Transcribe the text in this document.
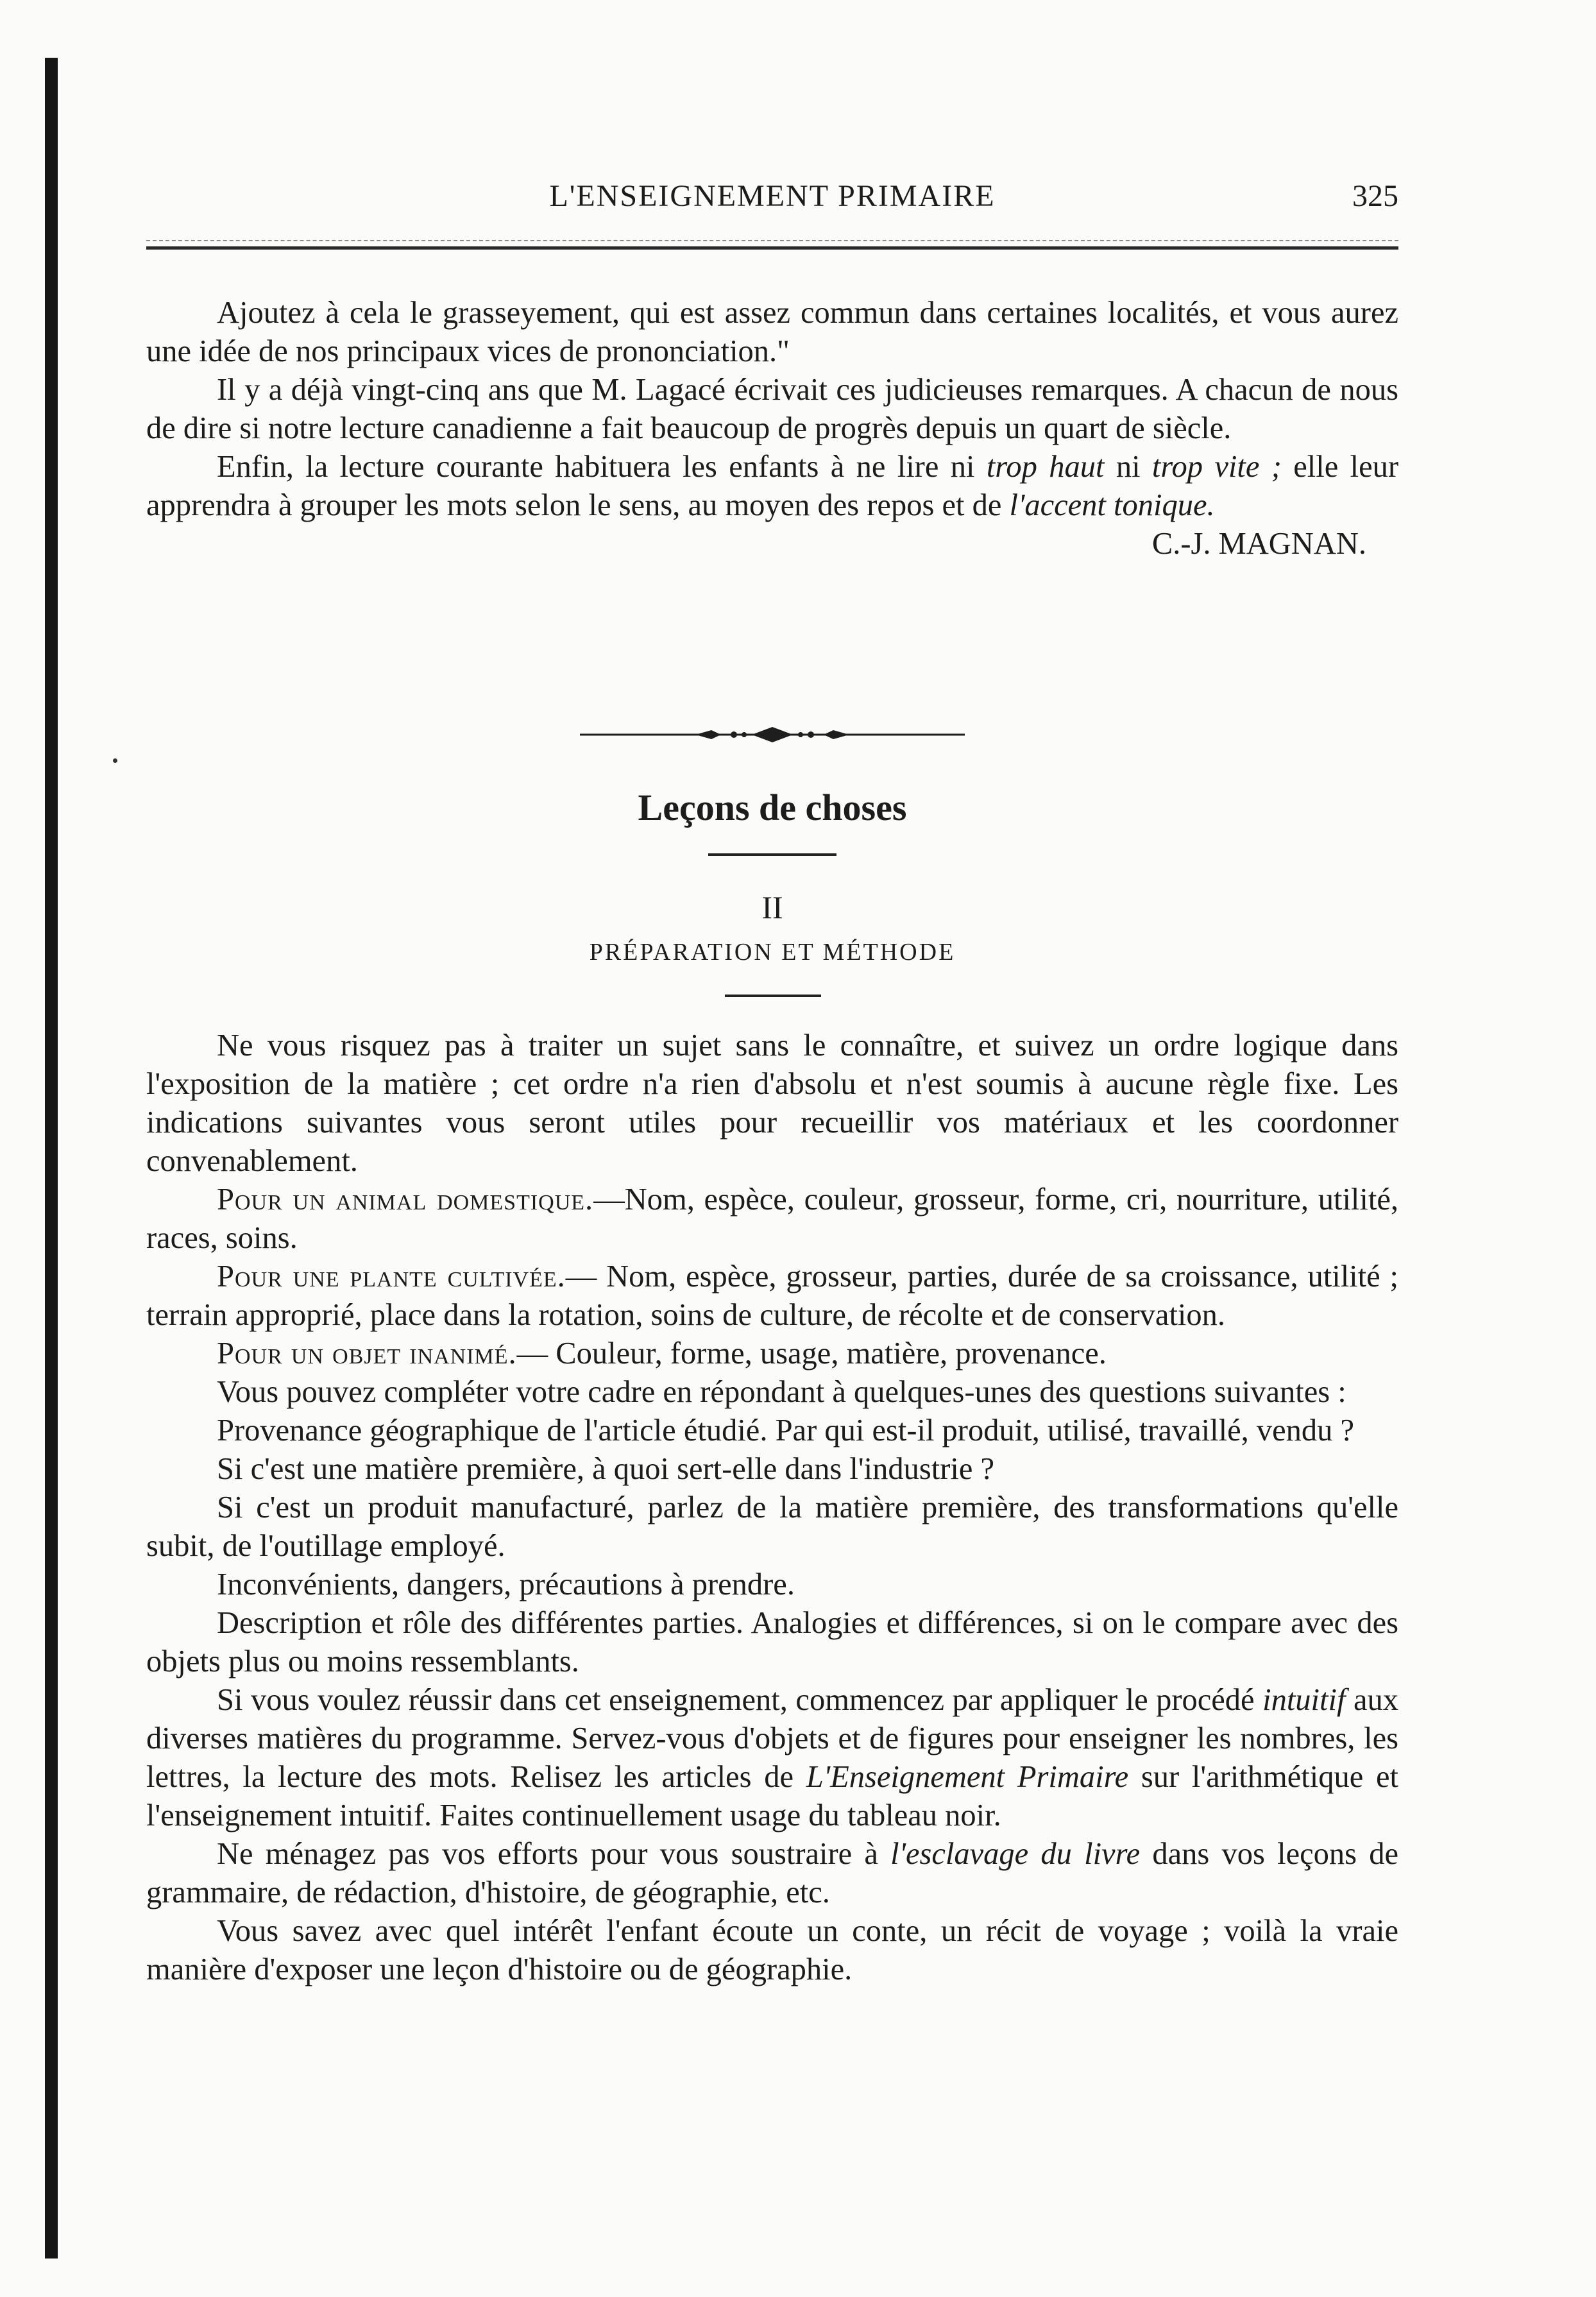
L'ENSEIGNEMENT PRIMAIRE	325

Ajoutez à cela le grasseyement, qui est assez commun dans certaines localités, et vous aurez une idée de nos principaux vices de prononciation."

Il y a déjà vingt-cinq ans que M. Lagacé écrivait ces judicieuses remarques. A chacun de nous de dire si notre lecture canadienne a fait beaucoup de progrès depuis un quart de siècle.

Enfin, la lecture courante habituera les enfants à ne lire ni trop haut ni trop vite ; elle leur apprendra à grouper les mots selon le sens, au moyen des repos et de l'accent tonique.

C.-J. MAGNAN.

Leçons de choses
II
PRÉPARATION ET MÉTHODE

Ne vous risquez pas à traiter un sujet sans le connaître, et suivez un ordre logique dans l'exposition de la matière ; cet ordre n'a rien d'absolu et n'est soumis à aucune règle fixe. Les indications suivantes vous seront utiles pour recueillir vos matériaux et les coordonner convenablement.

Pour un animal domestique.—Nom, espèce, couleur, grosseur, forme, cri, nourriture, utilité, races, soins.

Pour une plante cultivée.— Nom, espèce, grosseur, parties, durée de sa croissance, utilité ; terrain approprié, place dans la rotation, soins de culture, de récolte et de conservation.

Pour un objet inanimé.— Couleur, forme, usage, matière, provenance.

Vous pouvez compléter votre cadre en répondant à quelques-unes des questions suivantes :

Provenance géographique de l'article étudié. Par qui est-il produit, utilisé, travaillé, vendu ?

Si c'est une matière première, à quoi sert-elle dans l'industrie ?

Si c'est un produit manufacturé, parlez de la matière première, des transformations qu'elle subit, de l'outillage employé.

Inconvénients, dangers, précautions à prendre.

Description et rôle des différentes parties. Analogies et différences, si on le compare avec des objets plus ou moins ressemblants.

Si vous voulez réussir dans cet enseignement, commencez par appliquer le procédé intuitif aux diverses matières du programme. Servez-vous d'objets et de figures pour enseigner les nombres, les lettres, la lecture des mots. Relisez les articles de L'Enseignement Primaire sur l'arithmétique et l'enseignement intuitif. Faites continuellement usage du tableau noir.

Ne ménagez pas vos efforts pour vous soustraire à l'esclavage du livre dans vos leçons de grammaire, de rédaction, d'histoire, de géographie, etc.

Vous savez avec quel intérêt l'enfant écoute un conte, un récit de voyage ; voilà la vraie manière d'exposer une leçon d'histoire ou de géographie.
